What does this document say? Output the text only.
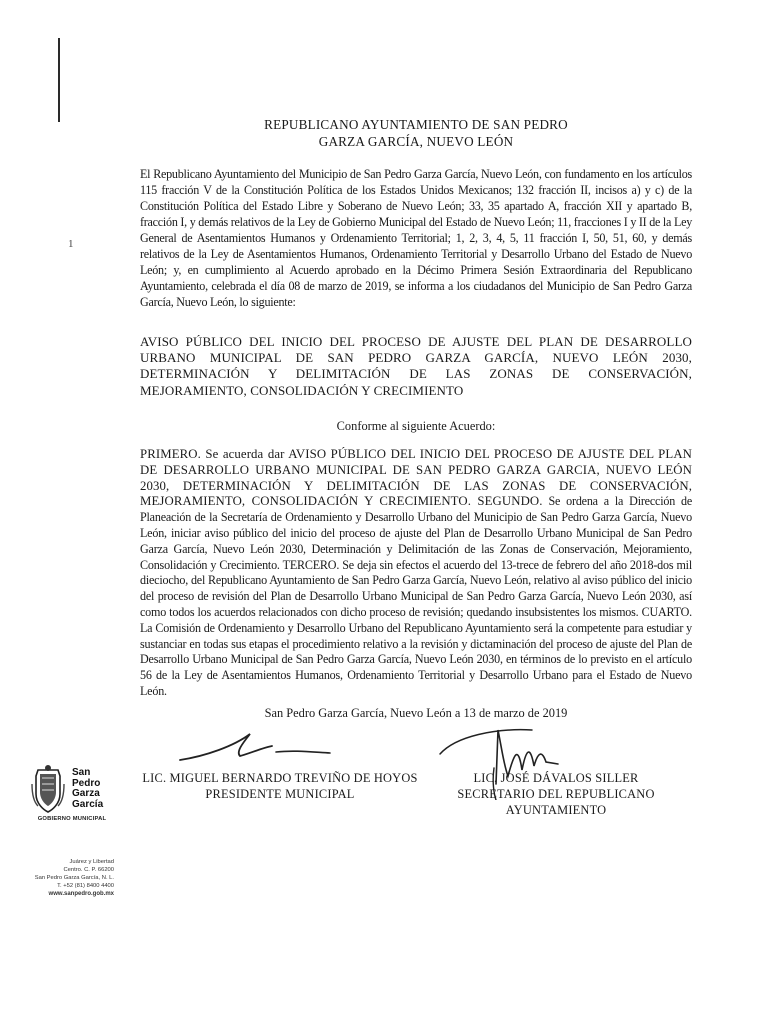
1
REPUBLICANO AYUNTAMIENTO DE SAN PEDRO
GARZA GARCÍA, NUEVO LEÓN
El Republicano Ayuntamiento del Municipio de San Pedro Garza García, Nuevo León, con fundamento en los artículos 115 fracción V de la Constitución Política de los Estados Unidos Mexicanos; 132 fracción II, incisos a) y c) de la Constitución Política del Estado Libre y Soberano de Nuevo León; 33, 35 apartado A, fracción XII y apartado B, fracción I, y demás relativos de la Ley de Gobierno Municipal del Estado de Nuevo León; 11, fracciones I y II de la Ley General de Asentamientos Humanos y Ordenamiento Territorial; 1, 2, 3, 4, 5, 11 fracción I, 50, 51, 60, y demás relativos de la Ley de Asentamientos Humanos, Ordenamiento Territorial y Desarrollo Urbano del Estado de Nuevo León; y, en cumplimiento al Acuerdo aprobado en la Décimo Primera Sesión Extraordinaria del Republicano Ayuntamiento, celebrada el día 08 de marzo de 2019, se informa a los ciudadanos del Municipio de San Pedro Garza García, Nuevo León, lo siguiente:
AVISO PÚBLICO DEL INICIO DEL PROCESO DE AJUSTE DEL PLAN DE DESARROLLO URBANO MUNICIPAL DE SAN PEDRO GARZA GARCÍA, NUEVO LEÓN 2030, DETERMINACIÓN Y DELIMITACIÓN DE LAS ZONAS DE CONSERVACIÓN, MEJORAMIENTO, CONSOLIDACIÓN Y CRECIMIENTO
Conforme al siguiente Acuerdo:
PRIMERO. Se acuerda dar AVISO PÚBLICO DEL INICIO DEL PROCESO DE AJUSTE DEL PLAN DE DESARROLLO URBANO MUNICIPAL DE SAN PEDRO GARZA GARCIA, NUEVO LEÓN 2030, DETERMINACIÓN Y DELIMITACIÓN DE LAS ZONAS DE CONSERVACIÓN, MEJORAMIENTO, CONSOLIDACIÓN Y CRECIMIENTO. SEGUNDO. Se ordena a la Dirección de Planeación de la Secretaría de Ordenamiento y Desarrollo Urbano del Municipio de San Pedro Garza García, Nuevo León, iniciar aviso público del inicio del proceso de ajuste del Plan de Desarrollo Urbano Municipal de San Pedro Garza García, Nuevo León 2030, Determinación y Delimitación de las Zonas de Conservación, Mejoramiento, Consolidación y Crecimiento. TERCERO. Se deja sin efectos el acuerdo del 13-trece de febrero del año 2018-dos mil dieciocho, del Republicano Ayuntamiento de San Pedro Garza García, Nuevo León, relativo al aviso público del inicio del proceso de revisión del Plan de Desarrollo Urbano Municipal de San Pedro Garza García, Nuevo León 2030, así como todos los acuerdos relacionados con dicho proceso de revisión; quedando insubsistentes los mismos. CUARTO. La Comisión de Ordenamiento y Desarrollo Urbano del Republicano Ayuntamiento será la competente para estudiar y sustanciar en todas sus etapas el procedimiento relativo a la revisión y dictaminación del proceso de ajuste del Plan de Desarrollo Urbano Municipal de San Pedro Garza García, Nuevo León 2030, en términos de lo previsto en el artículo 56 de la Ley de Asentamientos Humanos, Ordenamiento Territorial y Desarrollo Urbano para el Estado de Nuevo León.
San Pedro Garza García, Nuevo León a 13 de marzo de 2019
LIC. MIGUEL BERNARDO TREVIÑO DE HOYOS
PRESIDENTE MUNICIPAL
LIC. JOSÉ DÁVALOS SILLER
SECRETARIO DEL REPUBLICANO
AYUNTAMIENTO
San
Pedro
Garza
García
GOBIERNO MUNICIPAL
Juárez y Libertad
Centro. C. P. 66200
San Pedro Garza García, N. L.
T. +52 (81) 8400 4400
www.sanpedro.gob.mx
